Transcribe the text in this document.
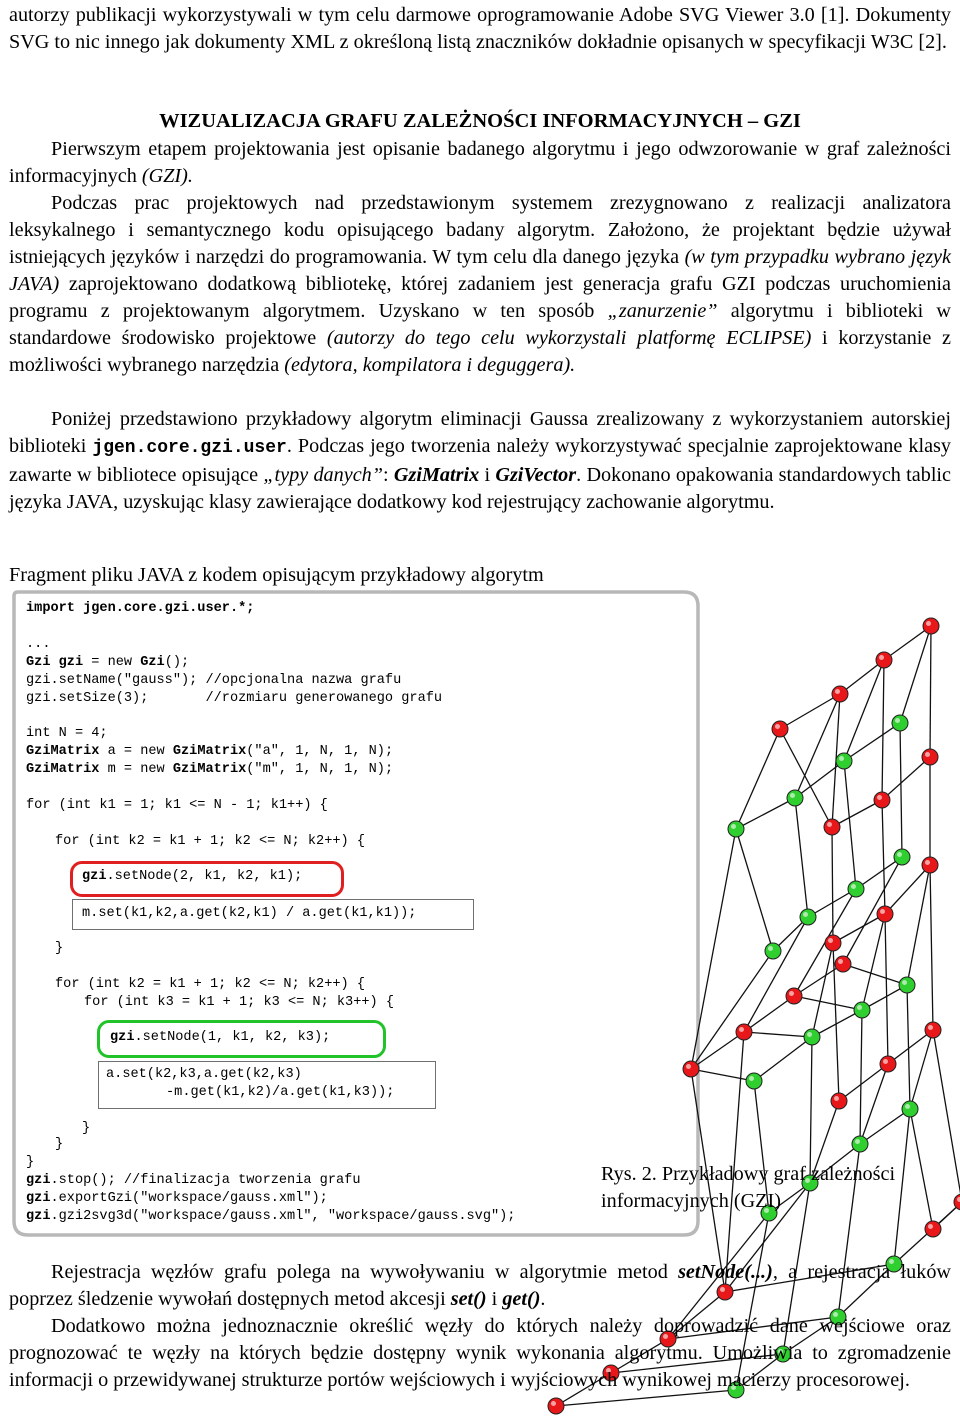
autorzy publikacji wykorzystywali w tym celu darmowe oprogramowanie Adobe SVG Viewer 3.0 [1]. Dokumenty SVG to nic innego jak dokumenty XML z określoną listą znaczników dokładnie opisanych w specyfikacji W3C [2].

WIZUALIZACJA GRAFU ZALEŻNOŚCI INFORMACYJNYCH – GZI

Pierwszym etapem projektowania jest opisanie badanego algorytmu i jego odwzorowanie w graf zależności informacyjnych (GZI).

Podczas prac projektowych nad przedstawionym systemem zrezygnowano z realizacji analizatora leksykalnego i semantycznego kodu opisującego badany algorytm. Założono, że projektant będzie używał istniejących języków i narzędzi do programowania. W tym celu dla danego języka (w tym przypadku wybrano język JAVA) zaprojektowano dodatkową bibliotekę, której zadaniem jest generacja grafu GZI podczas uruchomienia programu z projektowanym algorytmem. Uzyskano w ten sposób „zanurzenie” algorytmu i biblioteki w standardowe środowisko projektowe (autorzy do tego celu wykorzystali platformę ECLIPSE) i korzystanie z możliwości wybranego narzędzia (edytora, kompilatora i deguggera).

Poniżej przedstawiono przykładowy algorytm eliminacji Gaussa zrealizowany z wykorzystaniem autorskiej biblioteki jgen.core.gzi.user. Podczas jego tworzenia należy wykorzystywać specjalnie zaprojektowane klasy zawarte w bibliotece opisujące „typy danych”: GziMatrix i GziVector. Dokonano opakowania standardowych tablic języka JAVA, uzyskując klasy zawierające dodatkowy kod rejestrujący zachowanie algorytmu.

Fragment pliku JAVA z kodem opisującym przykładowy algorytm

import jgen.core.gzi.user.*;
...
Gzi gzi = new Gzi();
gzi.setName("gauss"); //opcjonalna nazwa grafu
gzi.setSize(3);       //rozmiaru generowanego grafu
int N = 4;
GziMatrix a = new GziMatrix("a", 1, N, 1, N);
GziMatrix m = new GziMatrix("m", 1, N, 1, N);
for (int k1 = 1; k1 <= N - 1; k1++) {
for (int k2 = k1 + 1; k2 <= N; k2++) {
gzi.setNode(2, k1, k2, k1);
m.set(k1,k2,a.get(k2,k1) / a.get(k1,k1));
}
for (int k2 = k1 + 1; k2 <= N; k2++) {
for (int k3 = k1 + 1; k3 <= N; k3++) {
gzi.setNode(1, k1, k2, k3);
a.set(k2,k3,a.get(k2,k3)
-m.get(k1,k2)/a.get(k1,k3));
}
}
}
gzi.stop(); //finalizacja tworzenia grafu
gzi.exportGzi("workspace/gauss.xml");
gzi.gzi2svg3d("workspace/gauss.xml", "workspace/gauss.svg");
Rys. 2. Przykładowy graf zależności informacyjnych (GZI)

Rejestracja węzłów grafu polega na wywoływaniu w algorytmie metod setNode(...), a rejestracja łuków poprzez śledzenie wywołań dostępnych metod akcesji set() i get().

Dodatkowo można jednoznacznie określić węzły do których należy doprowadzić dane wejściowe oraz prognozować te węzły na których będzie dostępny wynik wykonania algorytmu. Umożliwia to zgromadzenie informacji o przewidywanej strukturze portów wejściowych i wyjściowych wynikowej macierzy procesorowej.
